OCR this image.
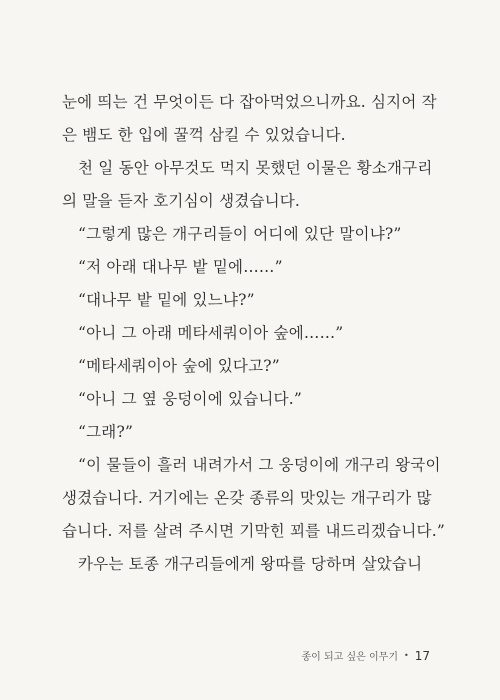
눈에 띄는 건 무엇이든 다 잡아먹었으니까요. 심지어 작
은 뱀도 한 입에 꿀꺽 삼킬 수 있었습니다.
천 일 동안 아무것도 먹지 못했던 이물은 황소개구리
의 말을 듣자 호기심이 생겼습니다.
“그렇게 많은 개구리들이 어디에 있단 말이냐?”
“저 아래 대나무 밭 밑에……”
“대나무 밭 밑에 있느냐?”
“아니 그 아래 메타세쿼이아 숲에……”
“메타세쿼이아 숲에 있다고?”
“아니 그 옆 웅덩이에 있습니다.”
“그래?”
“이 물들이 흘러 내려가서 그 웅덩이에 개구리 왕국이
생겼습니다. 거기에는 온갖 종류의 맛있는 개구리가 많
습니다. 저를 살려 주시면 기막힌 꾀를 내드리겠습니다.”
카우는 토종 개구리들에게 왕따를 당하며 살았습니
종이 되고 싶은 이무기 • 17
